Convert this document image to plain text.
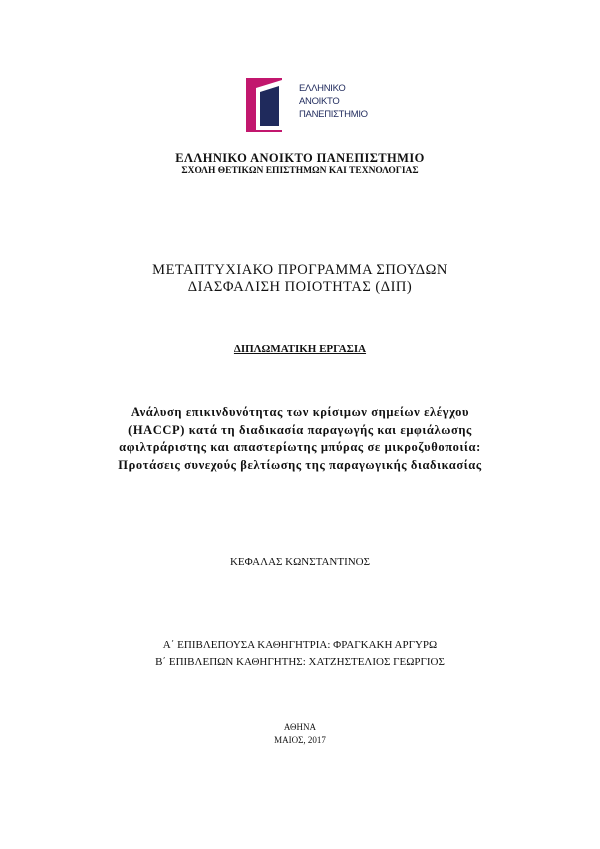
ΕΛΛΗΝΙΚΟ
ΑΝΟΙΚΤΟ
ΠΑΝΕΠΙΣΤΗΜΙΟ
ΕΛΛΗΝΙΚΟ ΑΝΟΙΚΤΟ ΠΑΝΕΠΙΣΤΗΜΙΟ
ΣΧΟΛΗ ΘΕΤΙΚΩΝ ΕΠΙΣΤΗΜΩΝ ΚΑΙ ΤΕΧΝΟΛΟΓΙΑΣ
ΜΕΤΑΠΤΥΧΙΑΚΟ ΠΡΟΓΡΑΜΜΑ ΣΠΟΥΔΩΝ
ΔΙΑΣΦΑΛΙΣΗ ΠΟΙΟΤΗΤΑΣ (ΔΙΠ)
ΔΙΠΛΩΜΑΤΙΚΗ ΕΡΓΑΣΙΑ
Ανάλυση επικινδυνότητας των κρίσιμων σημείων ελέγχου
(HACCP) κατά τη διαδικασία παραγωγής και εμφιάλωσης
αφιλτράριστης και απαστερίωτης μπύρας σε μικροζυθοποιία:
Προτάσεις συνεχούς βελτίωσης της παραγωγικής διαδικασίας
ΚΕΦΑΛΑΣ ΚΩΝΣΤΑΝΤΙΝΟΣ
Α΄ ΕΠΙΒΛΕΠΟΥΣΑ ΚΑΘΗΓΗΤΡΙΑ: ΦΡΑΓΚΑΚΗ ΑΡΓΥΡΩ
Β΄ ΕΠΙΒΛΕΠΩΝ ΚΑΘΗΓΗΤΗΣ: ΧΑΤΖΗΣΤΕΛΙΟΣ ΓΕΩΡΓΙΟΣ
ΑΘΗΝΑ
ΜΑΙΟΣ, 2017
